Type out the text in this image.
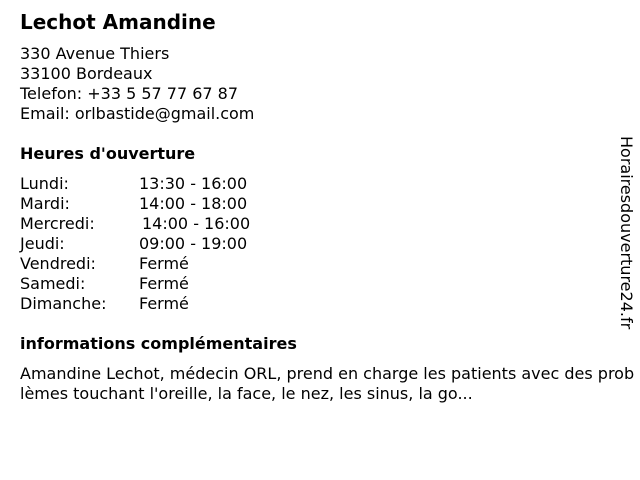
Lechot Amandine
330 Avenue Thiers
33100 Bordeaux
Telefon: +33 5 57 77 67 87
Email: orlbastide@gmail.com
Heures d'ouverture
Lundi:	13:30 - 16:00
Mardi:	14:00 - 18:00
Mercredi:	14:00 - 16:00
Jeudi:	09:00 - 19:00
Vendredi:	Fermé
Samedi:	Fermé
Dimanche: Fermé
informations complémentaires
Amandine Lechot, médecin ORL, prend en charge les patients avec des problèmes touchant l'oreille, la face, le nez, les sinus, la go...
Horairesdouverture24.fr
